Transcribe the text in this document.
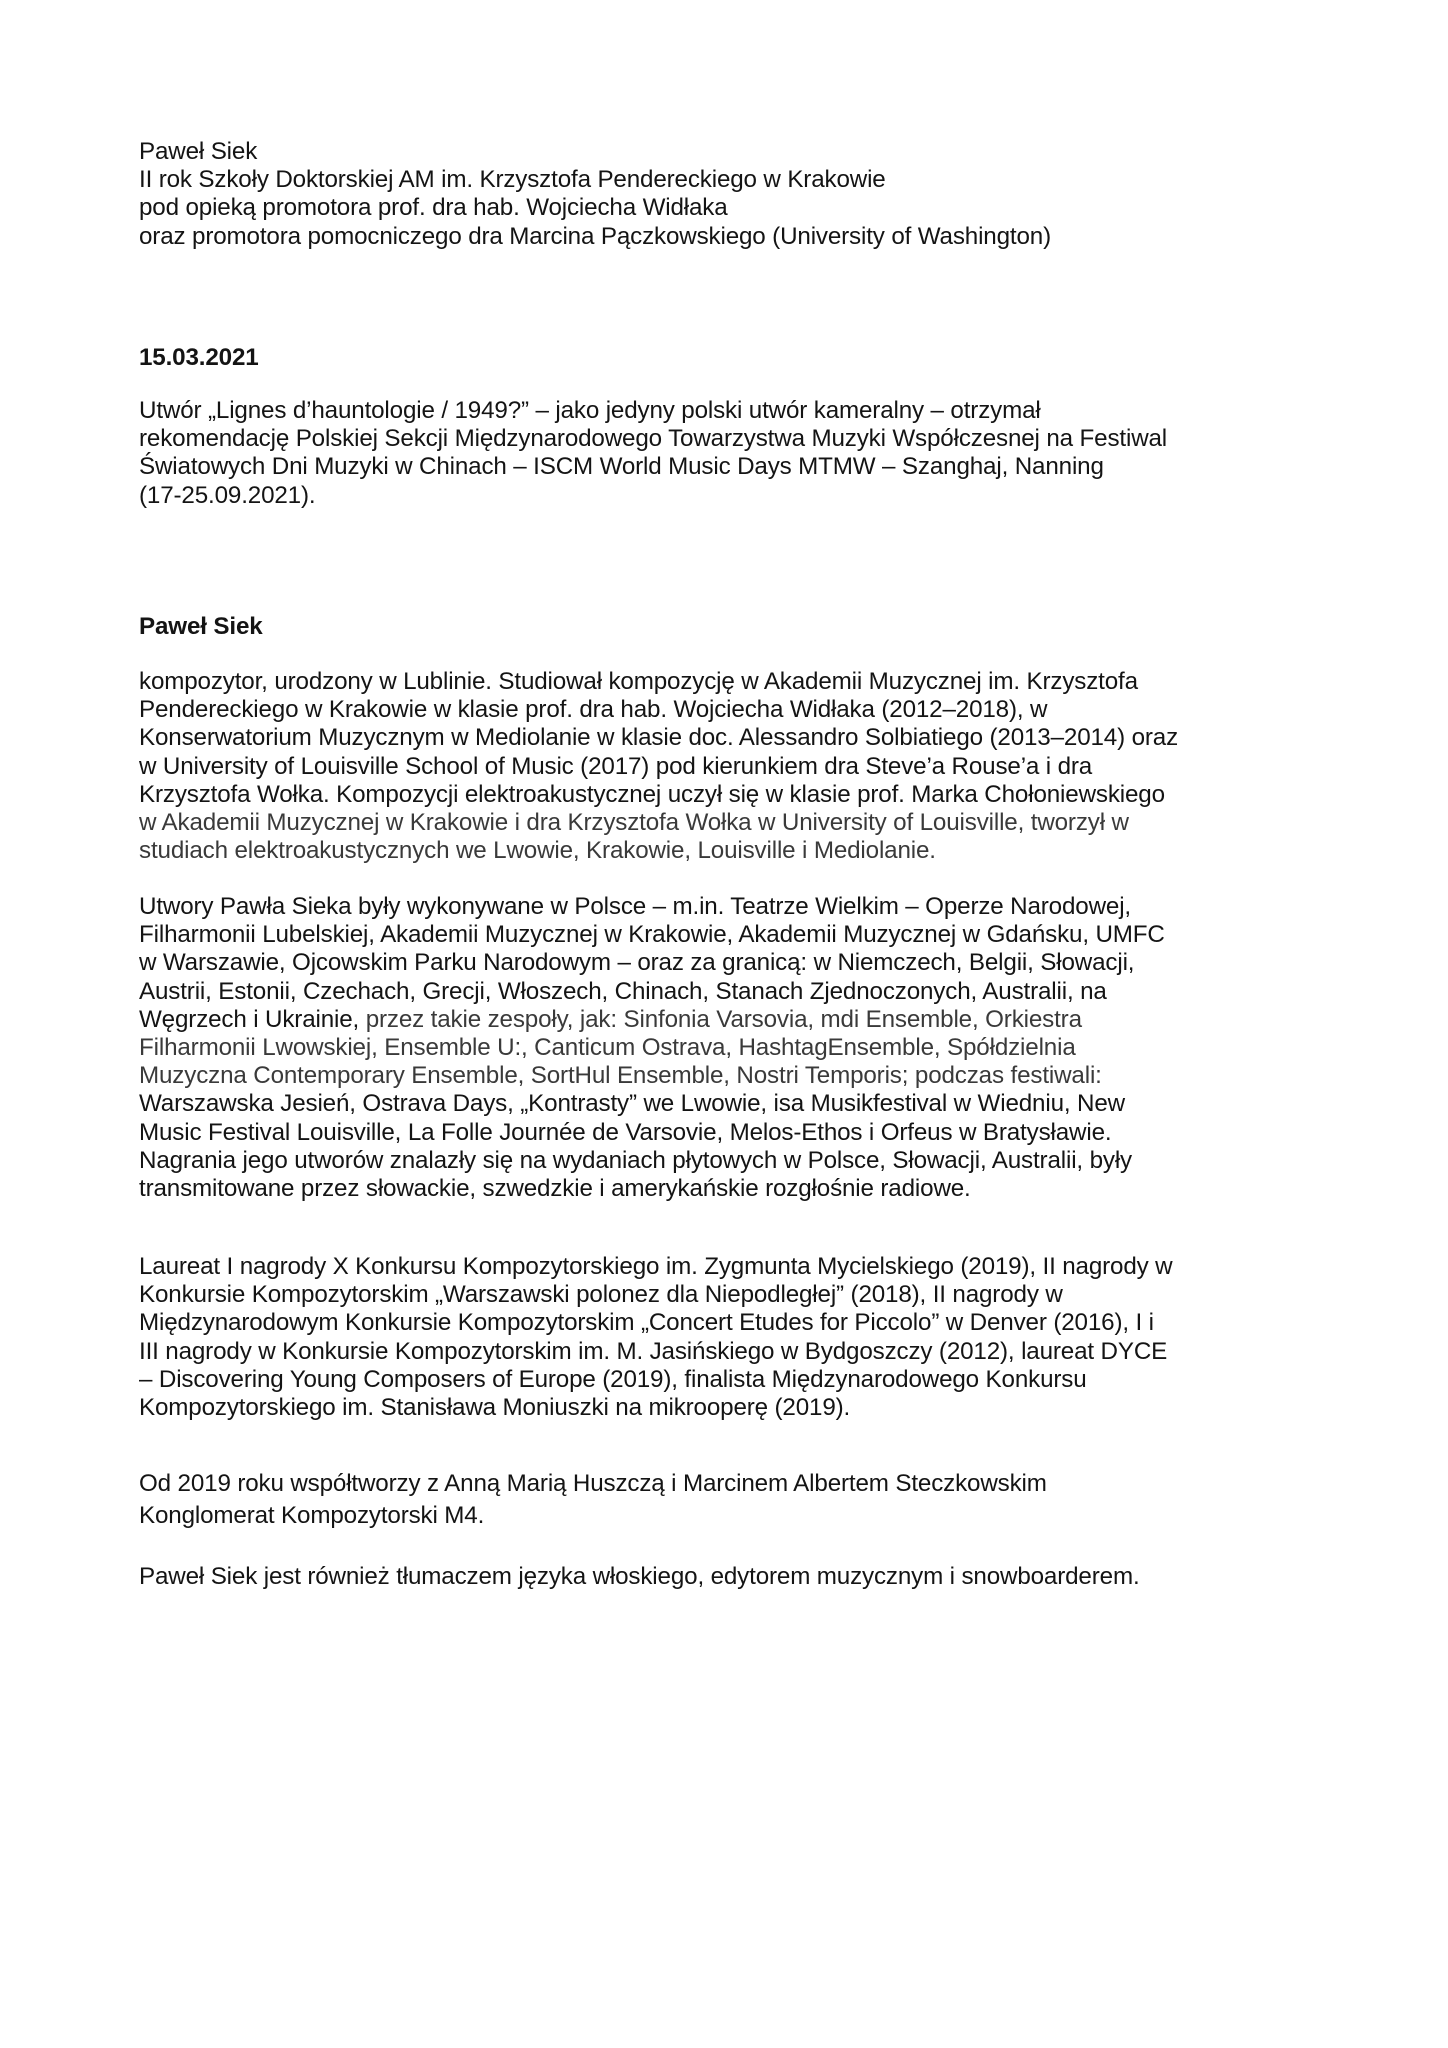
Paweł Siek
II rok Szkoły Doktorskiej AM im. Krzysztofa Pendereckiego w Krakowie
pod opieką promotora prof. dra hab. Wojciecha Widłaka
oraz promotora pomocniczego dra Marcina Pączkowskiego (University of Washington)
15.03.2021
Utwór „Lignes d’hauntologie / 1949?” – jako jedyny polski utwór kameralny – otrzymał
rekomendację Polskiej Sekcji Międzynarodowego Towarzystwa Muzyki Współczesnej na Festiwal
Światowych Dni Muzyki w Chinach – ISCM World Music Days MTMW – Szanghaj, Nanning
(17-25.09.2021).
Paweł Siek
kompozytor, urodzony w Lublinie. Studiował kompozycję w Akademii Muzycznej im. Krzysztofa
Pendereckiego w Krakowie w klasie prof. dra hab. Wojciecha Widłaka (2012–2018), w
Konserwatorium Muzycznym w Mediolanie w klasie doc. Alessandro Solbiatiego (2013–2014) oraz
w University of Louisville School of Music (2017) pod kierunkiem dra Steve’a Rouse’a i dra
Krzysztofa Wołka. Kompozycji elektroakustycznej uczył się w klasie prof. Marka Chołoniewskiego
w Akademii Muzycznej w Krakowie i dra Krzysztofa Wołka w University of Louisville, tworzył w
studiach elektroakustycznych we Lwowie, Krakowie, Louisville i Mediolanie.
Utwory Pawła Sieka były wykonywane w Polsce – m.in. Teatrze Wielkim – Operze Narodowej,
Filharmonii Lubelskiej, Akademii Muzycznej w Krakowie, Akademii Muzycznej w Gdańsku, UMFC
w Warszawie, Ojcowskim Parku Narodowym – oraz za granicą: w Niemczech, Belgii, Słowacji,
Austrii, Estonii, Czechach, Grecji, Włoszech, Chinach, Stanach Zjednoczonych, Australii, na
Węgrzech i Ukrainie, przez takie zespoły, jak: Sinfonia Varsovia, mdi Ensemble, Orkiestra
Filharmonii Lwowskiej, Ensemble U:, Canticum Ostrava, HashtagEnsemble, Spółdzielnia
Muzyczna Contemporary Ensemble, SortHul Ensemble, Nostri Temporis; podczas festiwali:
Warszawska Jesień, Ostrava Days, „Kontrasty” we Lwowie, isa Musikfestival w Wiedniu, New
Music Festival Louisville, La Folle Journée de Varsovie, Melos-Ethos i Orfeus w Bratysławie.
Nagrania jego utworów znalazły się na wydaniach płytowych w Polsce, Słowacji, Australii, były
transmitowane przez słowackie, szwedzkie i amerykańskie rozgłośnie radiowe.
Laureat I nagrody X Konkursu Kompozytorskiego im. Zygmunta Mycielskiego (2019), II nagrody w
Konkursie Kompozytorskim „Warszawski polonez dla Niepodległej” (2018), II nagrody w
Międzynarodowym Konkursie Kompozytorskim „Concert Etudes for Piccolo” w Denver (2016), I i
III nagrody w Konkursie Kompozytorskim im. M. Jasińskiego w Bydgoszczy (2012), laureat DYCE
– Discovering Young Composers of Europe (2019), finalista Międzynarodowego Konkursu
Kompozytorskiego im. Stanisława Moniuszki na mikrooperę (2019).
Od 2019 roku współtworzy z Anną Marią Huszczą i Marcinem Albertem Steczkowskim
Konglomerat Kompozytorski M4.
Paweł Siek jest również tłumaczem języka włoskiego, edytorem muzycznym i snowboarderem.
